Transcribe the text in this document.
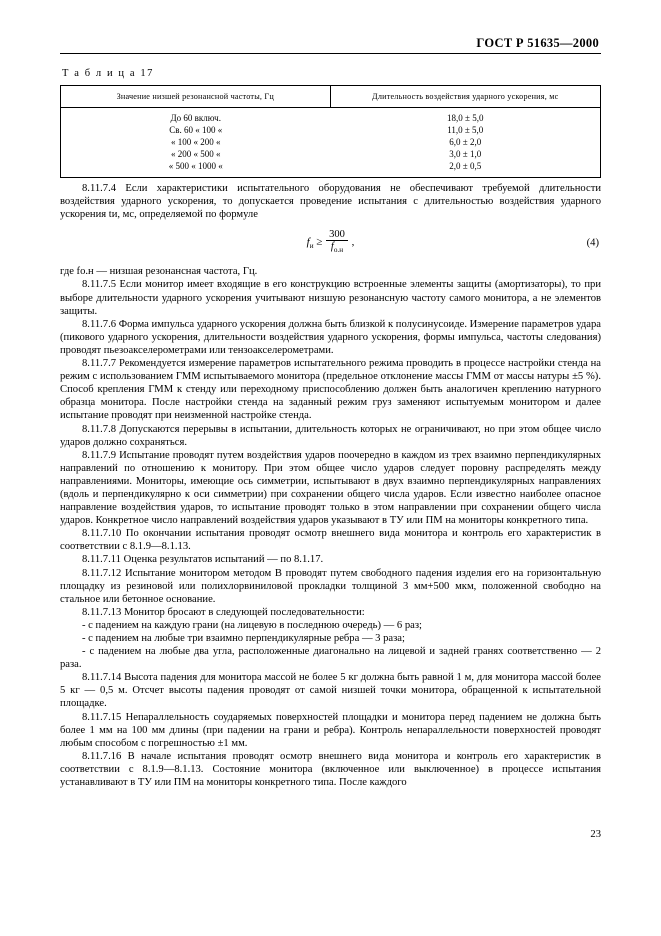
ГОСТ Р 51635—2000
Т а б л и ц а 17
Значение низшей резонансной частоты, Гц	Длительность воздействия ударного ускорения, мс
До 60 включ.	18,0 ± 5,0
Св. 60 « 100 «	11,0 ± 5,0
« 100 « 200 «	6,0 ± 2,0
« 200 « 500 «	3,0 ± 1,0
« 500 « 1000 «	2,0 ± 0,5

8.11.7.4 Если характеристики испытательного оборудования не обеспечивают требуемой длительности воздействия ударного ускорения, то допускается проведение испытания с длительностью воздействия ударного ускорения tи, мс, определяемой по формуле

$f_и \ge \frac{300}{f_{о.н}}$ ,	(4)

где fо.н — низшая резонансная частота, Гц.

8.11.7.5 Если монитор имеет входящие в его конструкцию встроенные элементы защиты (амортизаторы), то при выборе длительности ударного ускорения учитывают низшую резонансную частоту самого монитора, а не элементов защиты.

8.11.7.6 Форма импульса ударного ускорения должна быть близкой к полусинусоиде. Измерение параметров удара (пикового ударного ускорения, длительности воздействия ударного ускорения, формы импульса, частоты следования) проводят пьезоакселерометрами или тензоакселерометрами.

8.11.7.7 Рекомендуется измерение параметров испытательного режима проводить в процессе настройки стенда на режим с использованием ГММ испытываемого монитора (предельное отклонение массы ГММ от массы натуры ±5 %). Способ крепления ГММ к стенду или переходному приспособлению должен быть аналогичен креплению натурного образца монитора. После настройки стенда на заданный режим груз заменяют испытуемым монитором и далее испытание проводят при неизменной настройке стенда.

8.11.7.8 Допускаются перерывы в испытании, длительность которых не ограничивают, но при этом общее число ударов должно сохраняться.

8.11.7.9 Испытание проводят путем воздействия ударов поочередно в каждом из трех взаимно перпендикулярных направлений по отношению к монитору. При этом общее число ударов следует поровну распределять между направлениями. Мониторы, имеющие ось симметрии, испытывают в двух взаимно перпендикулярных направлениях (вдоль и перпендикулярно к оси симметрии) при сохранении общего числа ударов. Если известно наиболее опасное направление воздействия ударов, то испытание проводят только в этом направлении при сохранении общего числа ударов. Конкретное число направлений воздействия ударов указывают в ТУ или ПМ на мониторы конкретного типа.

8.11.7.10 По окончании испытания проводят осмотр внешнего вида монитора и контроль его характеристик в соответствии с 8.1.9—8.1.13.

8.11.7.11 Оценка результатов испытаний — по 8.1.17.

8.11.7.12 Испытание монитором методом В проводят путем свободного падения изделия его на горизонтальную площадку из резиновой или полихлорвиниловой прокладки толщиной 3 мм+500 мкм, положенной свободно на стальное или бетонное основание.

8.11.7.13 Монитор бросают в следующей последовательности:

- с падением на каждую грани (на лицевую в последнюю очередь) — 6 раз;

- с падением на любые три взаимно перпендикулярные ребра — 3 раза;

- с падением на любые два угла, расположенные диагонально на лицевой и задней гранях соответственно — 2 раза.

8.11.7.14 Высота падения для монитора массой не более 5 кг должна быть равной 1 м, для монитора массой более 5 кг — 0,5 м. Отсчет высоты падения проводят от самой низшей точки монитора, обращенной к испытательной площадке.

8.11.7.15 Непараллельность соударяемых поверхностей площадки и монитора перед падением не должна быть более 1 мм на 100 мм длины (при падении на грани и ребра). Контроль непараллельности поверхностей проводят любым способом с погрешностью ±1 мм.

8.11.7.16 В начале испытания проводят осмотр внешнего вида монитора и контроль его характеристик в соответствии с 8.1.9—8.1.13. Состояние монитора (включенное или выключенное) в процессе испытания устанавливают в ТУ или ПМ на мониторы конкретного типа. После каждого

23
